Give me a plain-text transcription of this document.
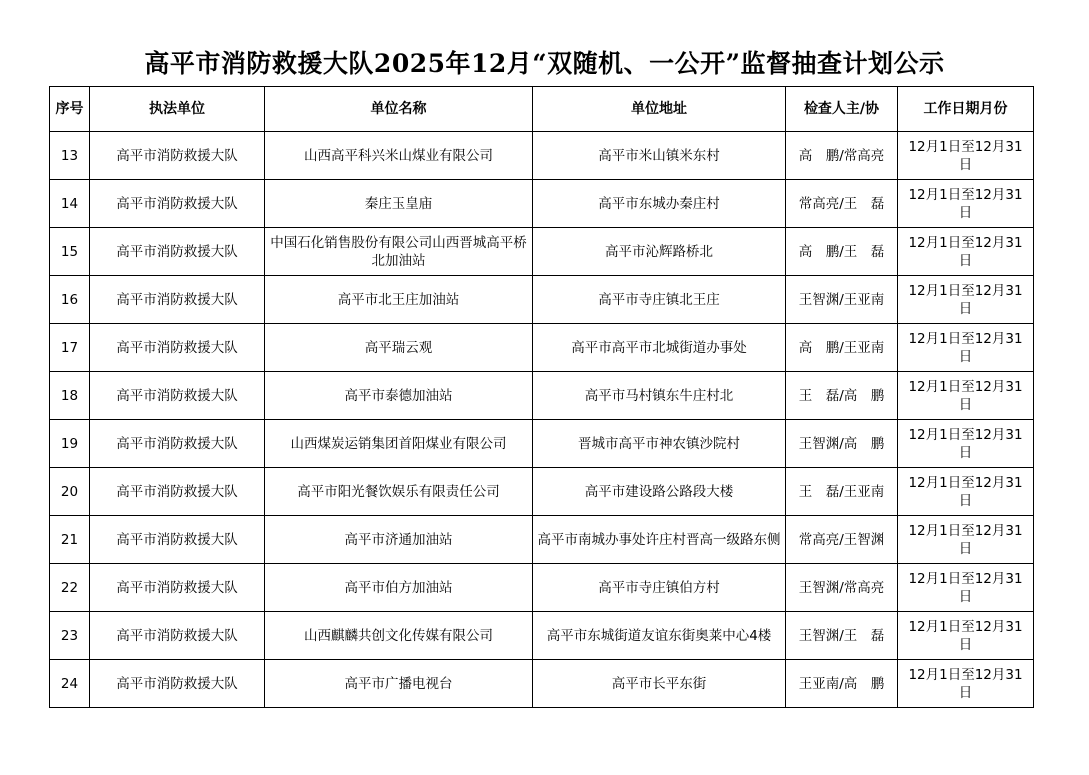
高平市消防救援大队2025年12月“双随机、一公开”监督抽查计划公示
序号	执法单位	单位名称	单位地址	检查人主/协	工作日期月份
13	高平市消防救援大队	山西高平科兴米山煤业有限公司	高平市米山镇米东村	高　鹏/常高亮	12月1日至12月31日
14	高平市消防救援大队	秦庄玉皇庙	高平市东城办秦庄村	常高亮/王　磊	12月1日至12月31日
15	高平市消防救援大队	中国石化销售股份有限公司山西晋城高平桥北加油站	高平市沁辉路桥北	高　鹏/王　磊	12月1日至12月31日
16	高平市消防救援大队	高平市北王庄加油站	高平市寺庄镇北王庄	王智渊/王亚南	12月1日至12月31日
17	高平市消防救援大队	高平瑞云观	高平市高平市北城街道办事处	高　鹏/王亚南	12月1日至12月31日
18	高平市消防救援大队	高平市泰德加油站	高平市马村镇东牛庄村北	王　磊/高　鹏	12月1日至12月31日
19	高平市消防救援大队	山西煤炭运销集团首阳煤业有限公司	晋城市高平市神农镇沙院村	王智渊/高　鹏	12月1日至12月31日
20	高平市消防救援大队	高平市阳光餐饮娱乐有限责任公司	高平市建设路公路段大楼	王　磊/王亚南	12月1日至12月31日
21	高平市消防救援大队	高平市济通加油站	高平市南城办事处许庄村晋高一级路东侧	常高亮/王智渊	12月1日至12月31日
22	高平市消防救援大队	高平市伯方加油站	高平市寺庄镇伯方村	王智渊/常高亮	12月1日至12月31日
23	高平市消防救援大队	山西麒麟共创文化传媒有限公司	高平市东城街道友谊东街奥莱中心4楼	王智渊/王　磊	12月1日至12月31日
24	高平市消防救援大队	高平市广播电视台	高平市长平东街	王亚南/高　鹏	12月1日至12月31日
